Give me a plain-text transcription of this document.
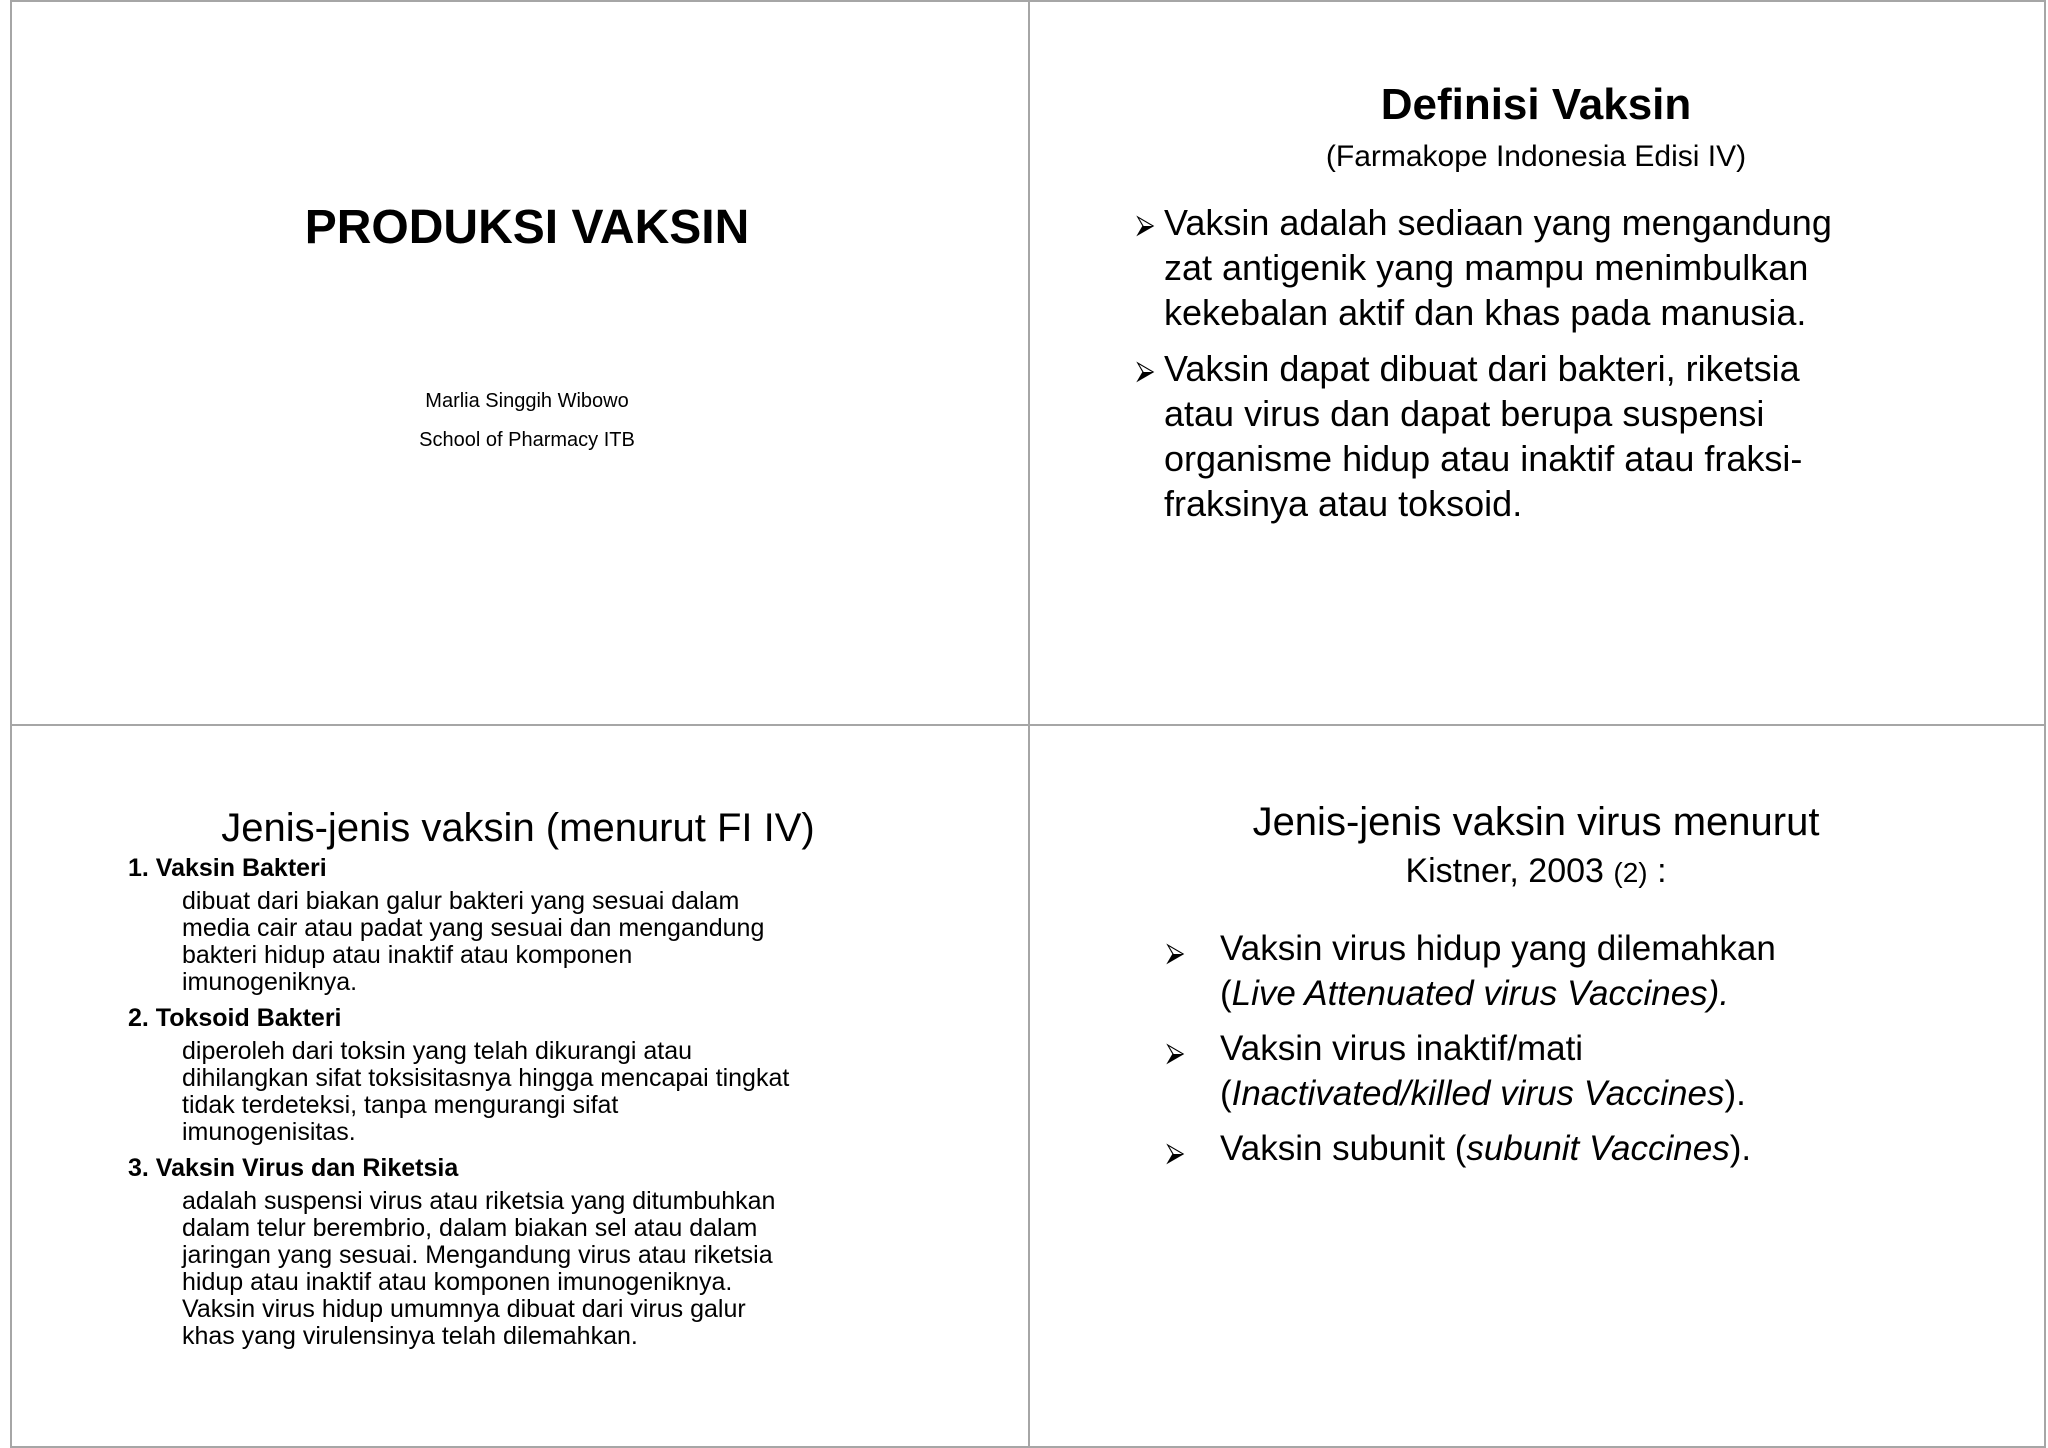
PRODUKSI VAKSIN
Marlia Singgih Wibowo
School of Pharmacy ITB
Definisi Vaksin
(Farmakope Indonesia Edisi IV)
⮚ Vaksin adalah sediaan yang mengandung
zat antigenik yang mampu menimbulkan
kekebalan aktif dan khas pada manusia.
⮚ Vaksin dapat dibuat dari bakteri, riketsia
atau virus dan dapat berupa suspensi
organisme hidup atau inaktif atau fraksi-
fraksinya atau toksoid.
Jenis-jenis vaksin (menurut FI IV)
1. Vaksin Bakteri
dibuat dari biakan galur bakteri yang sesuai dalam
media cair atau padat yang sesuai dan mengandung
bakteri hidup atau inaktif atau komponen
imunogeniknya.
2. Toksoid Bakteri
diperoleh dari toksin yang telah dikurangi atau
dihilangkan sifat toksisitasnya hingga mencapai tingkat
tidak terdeteksi, tanpa mengurangi sifat
imunogenisitas.
3. Vaksin Virus dan Riketsia
adalah suspensi virus atau riketsia yang ditumbuhkan
dalam telur berembrio, dalam biakan sel atau dalam
jaringan yang sesuai. Mengandung virus atau riketsia
hidup atau inaktif atau komponen imunogeniknya.
Vaksin virus hidup umumnya dibuat dari virus galur
khas yang virulensinya telah dilemahkan.
Jenis-jenis vaksin virus menurut
Kistner, 2003 (2) :
⮚ Vaksin virus hidup yang dilemahkan
(Live Attenuated virus Vaccines).
⮚ Vaksin virus inaktif/mati
(Inactivated/killed virus Vaccines).
⮚ Vaksin subunit (subunit Vaccines).
